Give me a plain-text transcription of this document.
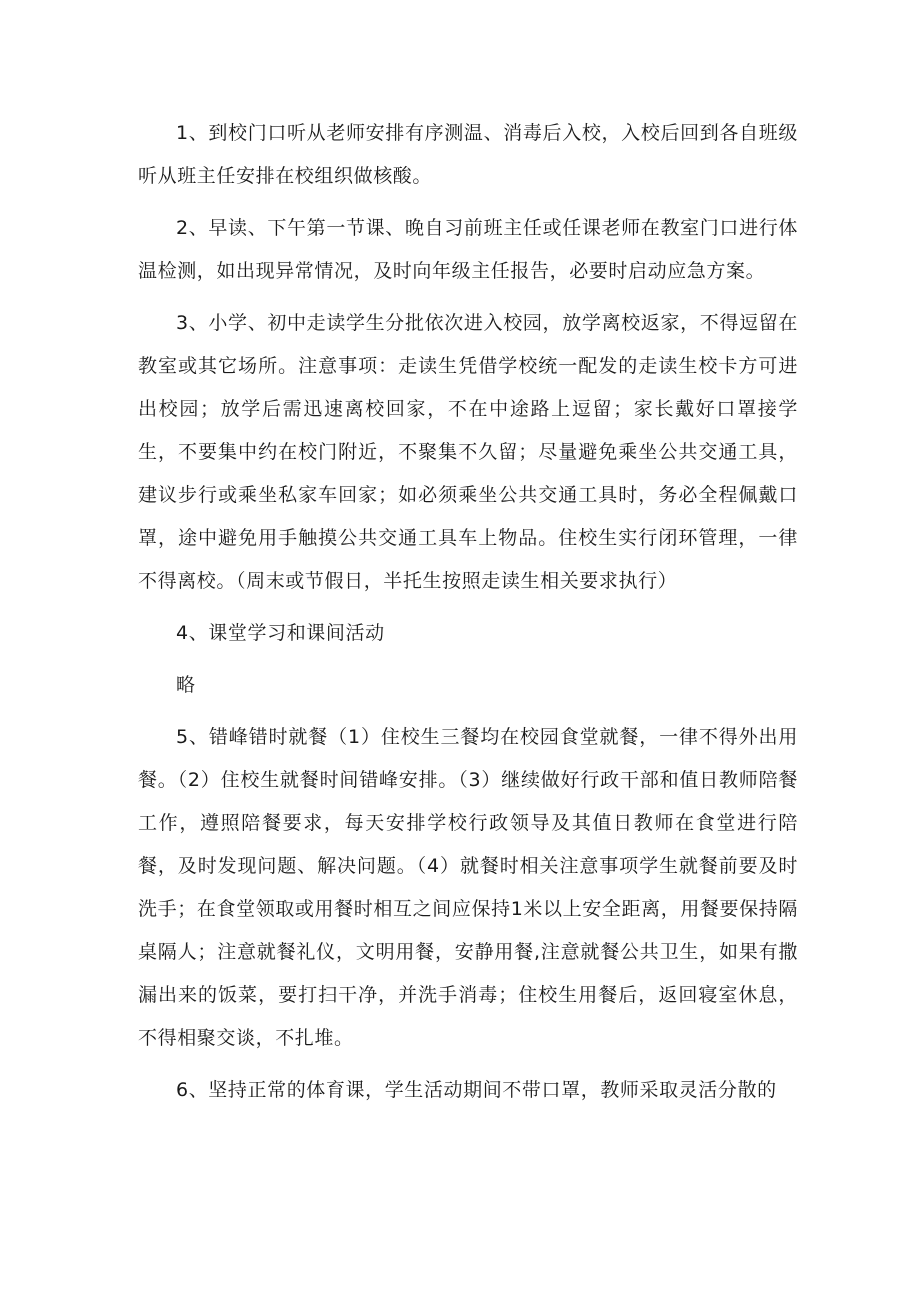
1、到校门口听从老师安排有序测温、消毒后入校，入校后回到各自班级听从班主任安排在校组织做核酸。

2、早读、下午第一节课、晚自习前班主任或任课老师在教室门口进行体温检测，如出现异常情况，及时向年级主任报告，必要时启动应急方案。

3、小学、初中走读学生分批依次进入校园，放学离校返家，不得逗留在教室或其它场所。注意事项：走读生凭借学校统一配发的走读生校卡方可进出校园；放学后需迅速离校回家，不在中途路上逗留；家长戴好口罩接学生，不要集中约在校门附近，不聚集不久留；尽量避免乘坐公共交通工具，建议步行或乘坐私家车回家；如必须乘坐公共交通工具时，务必全程佩戴口罩，途中避免用手触摸公共交通工具车上物品。住校生实行闭环管理，一律不得离校。（周末或节假日，半托生按照走读生相关要求执行）

4、课堂学习和课间活动

略

5、错峰错时就餐（1）住校生三餐均在校园食堂就餐，一律不得外出用餐。（2）住校生就餐时间错峰安排。（3）继续做好行政干部和值日教师陪餐工作，遵照陪餐要求，每天安排学校行政领导及其值日教师在食堂进行陪餐，及时发现问题、解决问题。（4）就餐时相关注意事项学生就餐前要及时洗手；在食堂领取或用餐时相互之间应保持1米以上安全距离，用餐要保持隔桌隔人；注意就餐礼仪，文明用餐，安静用餐,注意就餐公共卫生，如果有撒漏出来的饭菜，要打扫干净，并洗手消毒；住校生用餐后，返回寝室休息，不得相聚交谈，不扎堆。

6、坚持正常的体育课，学生活动期间不带口罩，教师采取灵活分散的
